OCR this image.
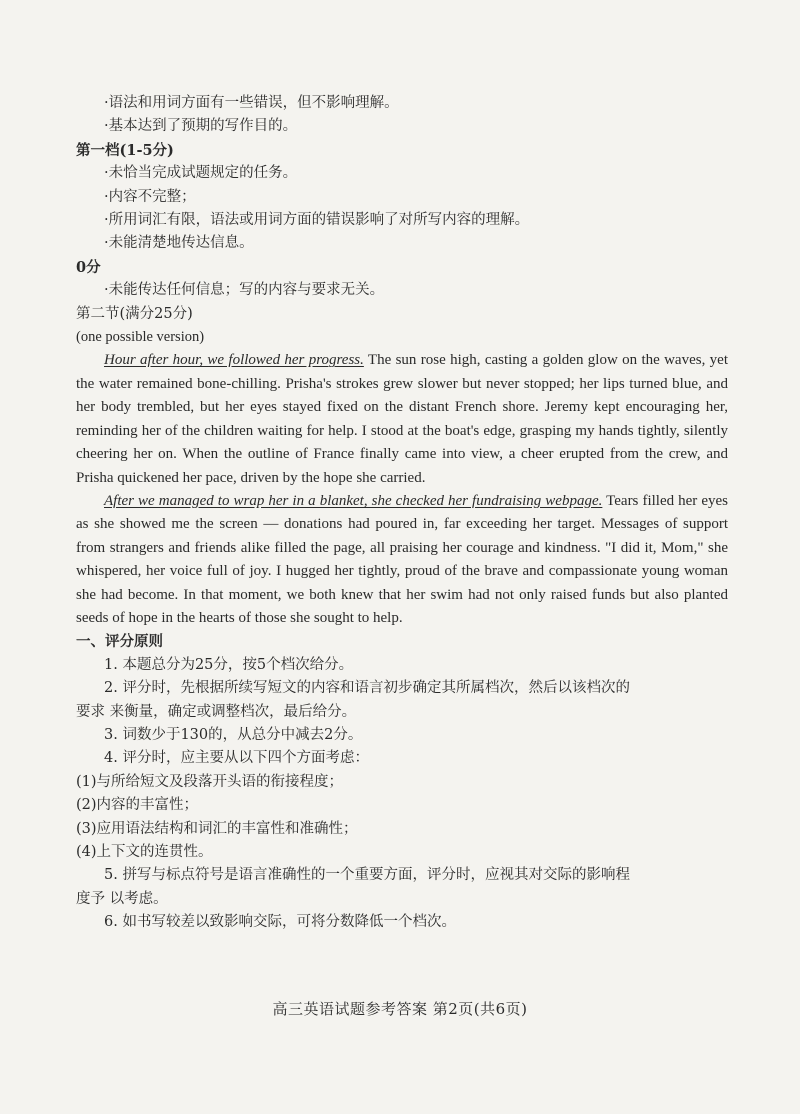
·语法和用词方面有一些错误，但不影响理解。
·基本达到了预期的写作目的。
第一档(1-5分)
·未恰当完成试题规定的任务。
·内容不完整；
·所用词汇有限，语法或用词方面的错误影响了对所写内容的理解。
·未能清楚地传达信息。
0分
·未能传达任何信息；写的内容与要求无关。
第二节(满分25分)
(one possible version)
Hour after hour, we followed her progress. The sun rose high, casting a golden glow on the waves, yet the water remained bone-chilling. Prisha's strokes grew slower but never stopped; her lips turned blue, and her body trembled, but her eyes stayed fixed on the distant French shore. Jeremy kept encouraging her, reminding her of the children waiting for help. I stood at the boat's edge, grasping my hands tightly, silently cheering her on. When the outline of France finally came into view, a cheer erupted from the crew, and Prisha quickened her pace, driven by the hope she carried.
After we managed to wrap her in a blanket, she checked her fundraising webpage. Tears filled her eyes as she showed me the screen — donations had poured in, far exceeding her target. Messages of support from strangers and friends alike filled the page, all praising her courage and kindness. "I did it, Mom," she whispered, her voice full of joy. I hugged her tightly, proud of the brave and compassionate young woman she had become. In that moment, we both knew that her swim had not only raised funds but also planted seeds of hope in the hearts of those she sought to help.
一、评分原则
1. 本题总分为25分，按5个档次给分。
2. 评分时，先根据所续写短文的内容和语言初步确定其所属档次，然后以该档次的
要求 来衡量，确定或调整档次，最后给分。
3. 词数少于130的，从总分中减去2分。
4. 评分时，应主要从以下四个方面考虑：
(1)与所给短文及段落开头语的衔接程度；
(2)内容的丰富性；
(3)应用语法结构和词汇的丰富性和准确性；
(4)上下文的连贯性。
5. 拼写与标点符号是语言准确性的一个重要方面，评分时，应视其对交际的影响程
度予 以考虑。
6. 如书写较差以致影响交际，可将分数降低一个档次。
高三英语试题参考答案 第2页(共6页)
